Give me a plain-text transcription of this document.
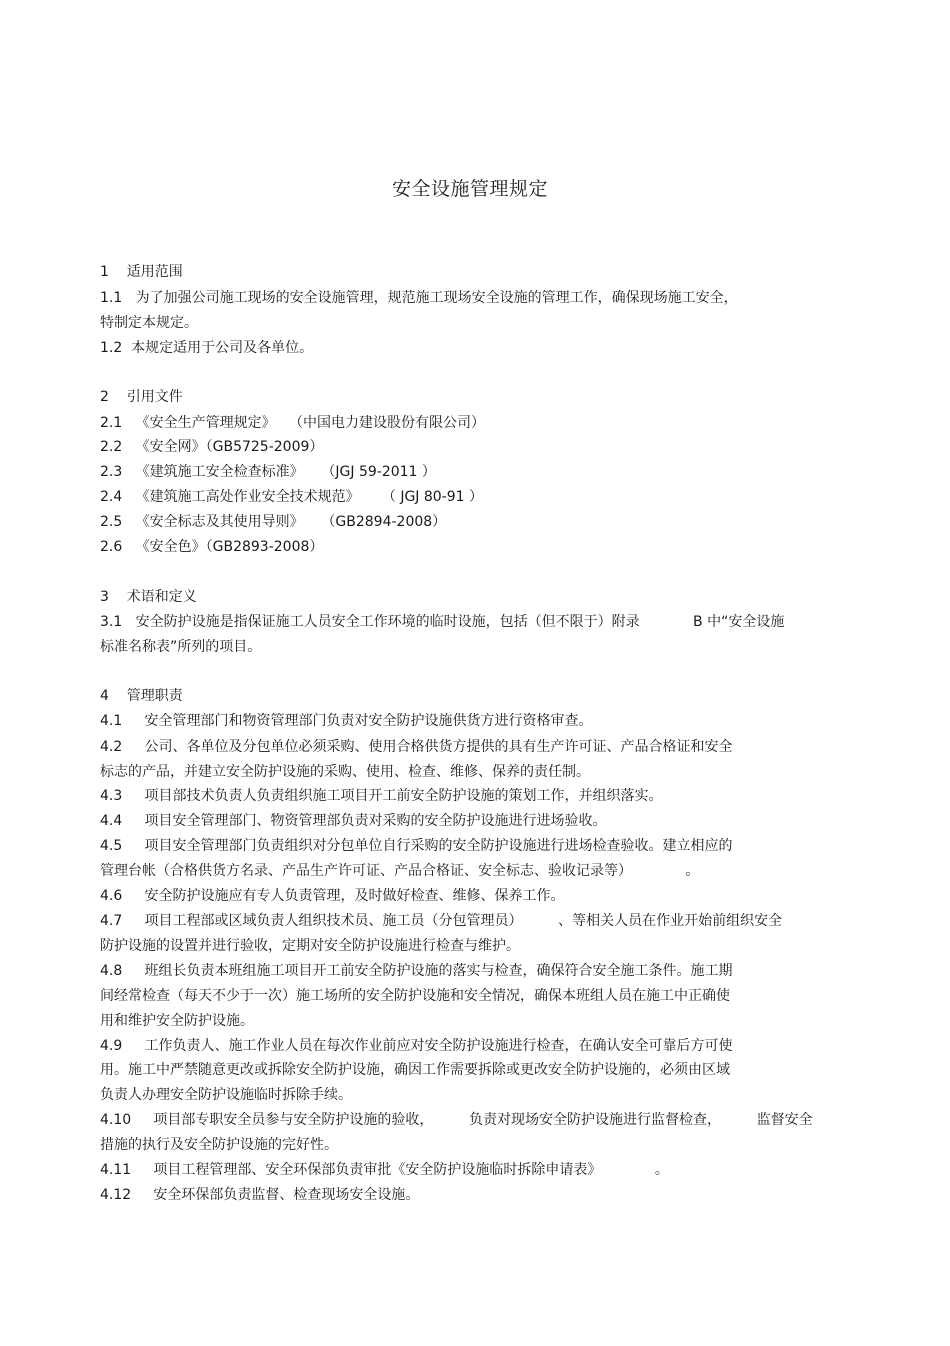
安全设施管理规定
1    适用范围
1.1   为了加强公司施工现场的安全设施管理，规范施工现场安全设施的管理工作，确保现场施工安全，
特制定本规定。
1.2  本规定适用于公司及各单位。
2    引用文件
2.1   《安全生产管理规定》   （中国电力建设股份有限公司）
2.2   《安全网》（GB5725-2009）
2.3   《建筑施工安全检查标准》    （JGJ 59-2011 ）
2.4   《建筑施工高处作业安全技术规范》     （ JGJ 80-91 ）
2.5   《安全标志及其使用导则》    （GB2894-2008）
2.6   《安全色》（GB2893-2008）
3    术语和定义
3.1   安全防护设施是指保证施工人员安全工作环境的临时设施，包括（但不限于）附录            B 中“安全设施
标准名称表”所列的项目。
4    管理职责
4.1     安全管理部门和物资管理部门负责对安全防护设施供货方进行资格审查。
4.2     公司、各单位及分包单位必须采购、使用合格供货方提供的具有生产许可证、产品合格证和安全
标志的产品，并建立安全防护设施的采购、使用、检查、维修、保养的责任制。
4.3     项目部技术负责人负责组织施工项目开工前安全防护设施的策划工作，并组织落实。
4.4     项目安全管理部门、物资管理部负责对采购的安全防护设施进行进场验收。
4.5     项目安全管理部门负责组织对分包单位自行采购的安全防护设施进行进场检查验收。建立相应的
管理台帐（合格供货方名录、产品生产许可证、产品合格证、安全标志、验收记录等）            。
4.6     安全防护设施应有专人负责管理，及时做好检查、维修、保养工作。
4.7     项目工程部或区域负责人组织技术员、施工员（分包管理员）        、等相关人员在作业开始前组织安全
防护设施的设置并进行验收，定期对安全防护设施进行检查与维护。
4.8     班组长负责本班组施工项目开工前安全防护设施的落实与检查，确保符合安全施工条件。施工期
间经常检查（每天不少于一次）施工场所的安全防护设施和安全情况，确保本班组人员在施工中正确使
用和维护安全防护设施。
4.9     工作负责人、施工作业人员在每次作业前应对安全防护设施进行检查，在确认安全可靠后方可使
用。施工中严禁随意更改或拆除安全防护设施，确因工作需要拆除或更改安全防护设施的，必须由区域
负责人办理安全防护设施临时拆除手续。
4.10     项目部专职安全员参与安全防护设施的验收，        负责对现场安全防护设施进行监督检查，        监督安全
措施的执行及安全防护设施的完好性。
4.11     项目工程管理部、安全环保部负责审批《安全防护设施临时拆除申请表》            。
4.12     安全环保部负责监督、检查现场安全设施。
